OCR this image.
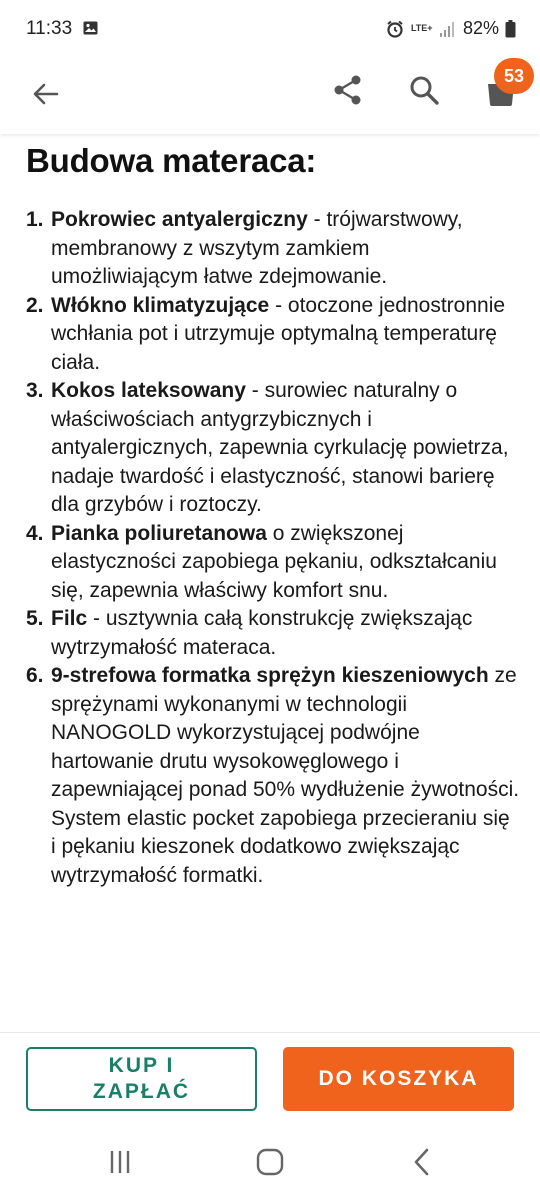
11:33	LTE+ 82%
53
Budowa materaca:
1. Pokrowiec antyalergiczny - trójwarstwowy, membranowy z wszytym zamkiem umożliwiającym łatwe zdejmowanie.
2. Włókno klimatyzujące - otoczone jednostronnie wchłania pot i utrzymuje optymalną temperaturę ciała.
3. Kokos lateksowany - surowiec naturalny o właściwościach antygrzybicznych i antyalergicznych, zapewnia cyrkulację powietrza, nadaje twardość i elastyczność, stanowi barierę dla grzybów i roztoczy.
4. Pianka poliuretanowa o zwiększonej elastyczności zapobiega pękaniu, odkształcaniu się, zapewnia właściwy komfort snu.
5. Filc - usztywnia całą konstrukcję zwiększając wytrzymałość materaca.
6. 9-strefowa formatka sprężyn kieszeniowych ze sprężynami wykonanymi w technologii NANOGOLD wykorzystującej podwójne hartowanie drutu wysokowęglowego i zapewniającej ponad 50% wydłużenie żywotności. System elastic pocket zapobiega przecieraniu się i pękaniu kieszonek dodatkowo zwiększając wytrzymałość formatki.
KUP I ZAPŁAĆ
DO KOSZYKA
